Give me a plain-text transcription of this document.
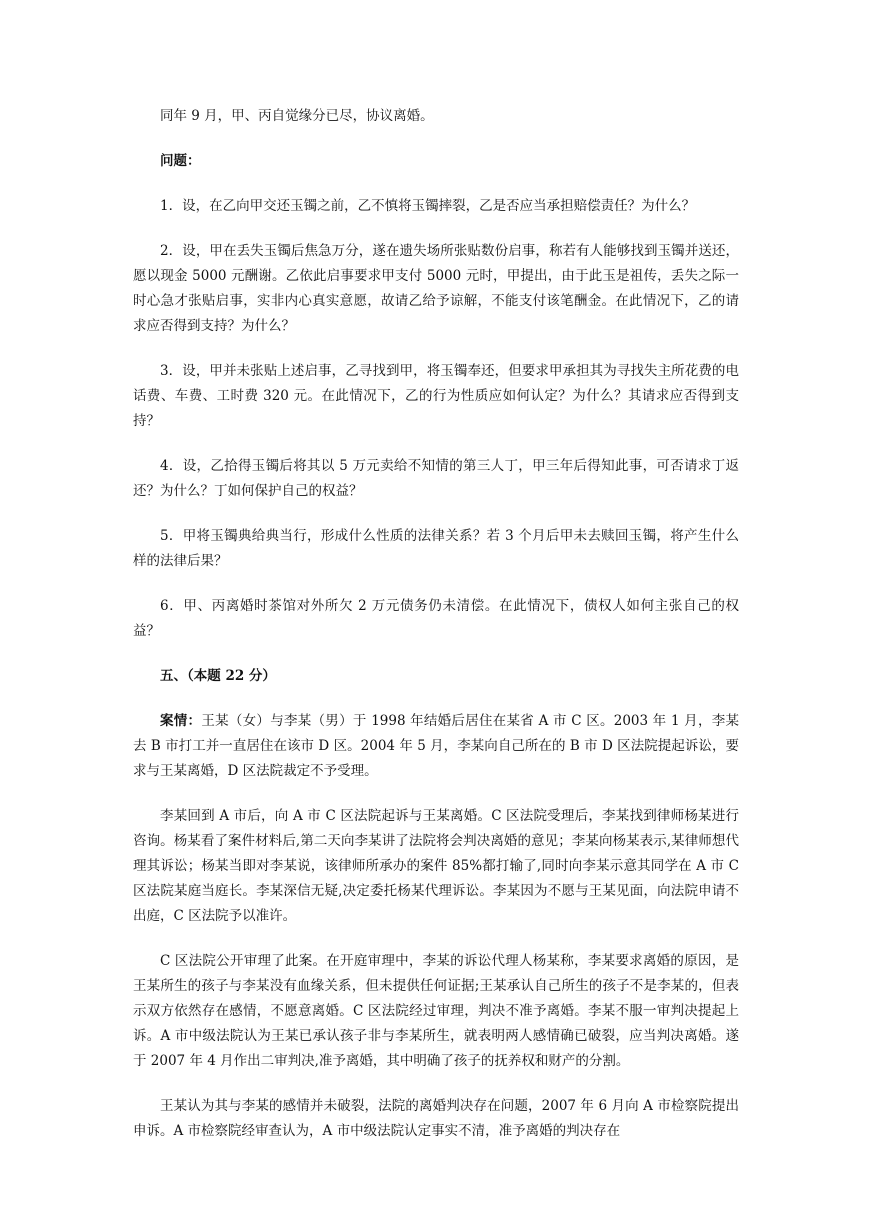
同年 9 月，甲、丙自觉缘分已尽，协议离婚。

问题：

1．设，在乙向甲交还玉镯之前，乙不慎将玉镯摔裂，乙是否应当承担赔偿责任？为什么？

2．设，甲在丢失玉镯后焦急万分，遂在遗失场所张贴数份启事，称若有人能够找到玉镯并送还，愿以现金 5000 元酬谢。乙依此启事要求甲支付 5000 元时，甲提出，由于此玉是祖传，丢失之际一时心急才张贴启事，实非内心真实意愿，故请乙给予谅解，不能支付该笔酬金。在此情况下，乙的请求应否得到支持？为什么？

3．设，甲并未张贴上述启事，乙寻找到甲，将玉镯奉还，但要求甲承担其为寻找失主所花费的电话费、车费、工时费 320 元。在此情况下，乙的行为性质应如何认定？为什么？其请求应否得到支持？

4．设，乙拾得玉镯后将其以 5 万元卖给不知情的第三人丁，甲三年后得知此事，可否请求丁返还？为什么？丁如何保护自己的权益？

5．甲将玉镯典给典当行，形成什么性质的法律关系？若 3 个月后甲未去赎回玉镯，将产生什么样的法律后果？

6．甲、丙离婚时茶馆对外所欠 2 万元债务仍未清偿。在此情况下，债权人如何主张自己的权益？

五、（本题 22 分）

案情：王某（女）与李某（男）于 1998 年结婚后居住在某省 A 市 C 区。2003 年 1 月，李某去 B 市打工并一直居住在该市 D 区。2004 年 5 月，李某向自己所在的 B 市 D 区法院提起诉讼，要求与王某离婚，D 区法院裁定不予受理。

李某回到 A 市后，向 A 市 C 区法院起诉与王某离婚。C 区法院受理后，李某找到律师杨某进行咨询。杨某看了案件材料后,第二天向李某讲了法院将会判决离婚的意见；李某向杨某表示,某律师想代理其诉讼；杨某当即对李某说，该律师所承办的案件 85%都打输了,同时向李某示意其同学在 A 市 C 区法院某庭当庭长。李某深信无疑,决定委托杨某代理诉讼。李某因为不愿与王某见面，向法院申请不出庭，C 区法院予以准许。

C 区法院公开审理了此案。在开庭审理中，李某的诉讼代理人杨某称，李某要求离婚的原因，是王某所生的孩子与李某没有血缘关系，但未提供任何证据;王某承认自己所生的孩子不是李某的，但表示双方依然存在感情，不愿意离婚。C 区法院经过审理，判决不准予离婚。李某不服一审判决提起上诉。A 市中级法院认为王某已承认孩子非与李某所生，就表明两人感情确已破裂，应当判决离婚。遂于 2007 年 4 月作出二审判决,准予离婚，其中明确了孩子的抚养权和财产的分割。

王某认为其与李某的感情并未破裂，法院的离婚判决存在问题，2007 年 6 月向 A 市检察院提出申诉。A 市检察院经审查认为，A 市中级法院认定事实不清，准予离婚的判决存在
